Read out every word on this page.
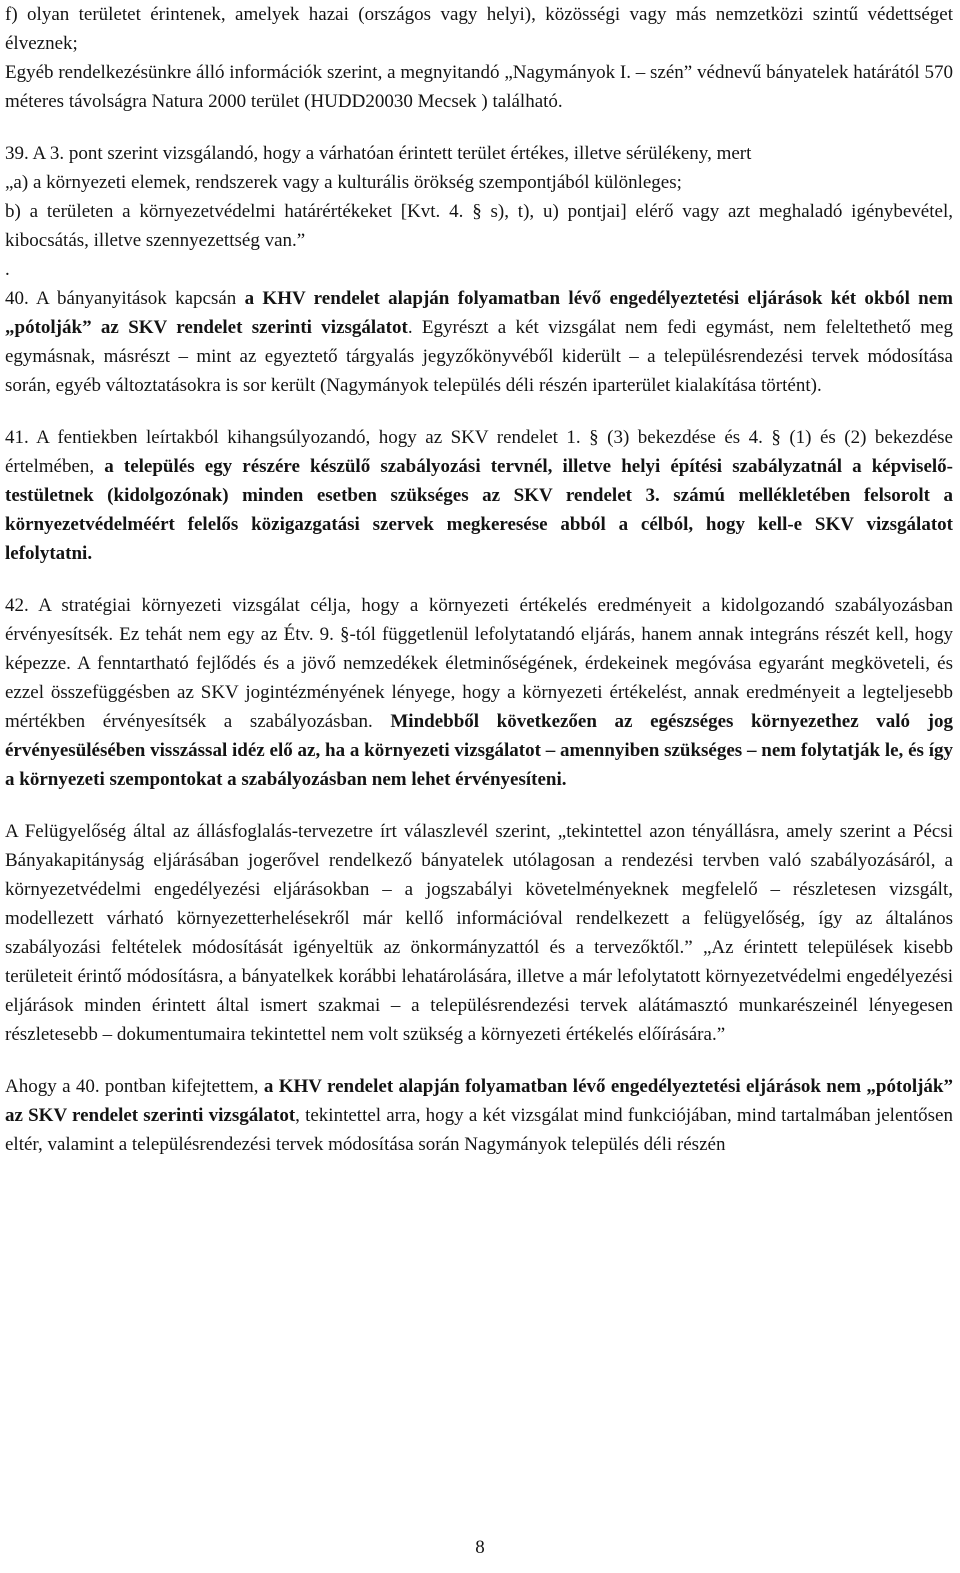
f) olyan területet érintenek, amelyek hazai (országos vagy helyi), közösségi vagy más nemzetközi szintű védettséget élveznek;
Egyéb rendelkezésünkre álló információk szerint, a megnyitandó „Nagymányok I. – szén” védnevű bányatelek határától 570 méteres távolságra Natura 2000 terület (HUDD20030 Mecsek ) található.

39. A 3. pont szerint vizsgálandó, hogy a várhatóan érintett terület értékes, illetve sérülékeny, mert
„a) a környezeti elemek, rendszerek vagy a kulturális örökség szempontjából különleges;
b) a területen a környezetvédelmi határértékeket [Kvt. 4. § s), t), u) pontjai] elérő vagy azt meghaladó igénybevétel, kibocsátás, illetve szennyezettség van.”
.

40. A bányanyitások kapcsán a KHV rendelet alapján folyamatban lévő engedélyeztetési eljárások két okból nem „pótolják” az SKV rendelet szerinti vizsgálatot. Egyrészt a két vizsgálat nem fedi egymást, nem feleltethető meg egymásnak, másrészt – mint az egyeztető tárgyalás jegyzőkönyvéből kiderült – a településrendezési tervek módosítása során, egyéb változtatásokra is sor került (Nagymányok település déli részén iparterület kialakítása történt).

41. A fentiekben leírtakból kihangsúlyozandó, hogy az SKV rendelet 1. § (3) bekezdése és 4. § (1) és (2) bekezdése értelmében, a település egy részére készülő szabályozási tervnél, illetve helyi építési szabályzatnál a képviselő-testületnek (kidolgozónak) minden esetben szükséges az SKV rendelet 3. számú mellékletében felsorolt a környezetvédelméért felelős közigazgatási szervek megkeresése abból a célból, hogy kell-e SKV vizsgálatot lefolytatni.

42. A stratégiai környezeti vizsgálat célja, hogy a környezeti értékelés eredményeit a kidolgozandó szabályozásban érvényesítsék. Ez tehát nem egy az Étv. 9. §-tól függetlenül lefolytatandó eljárás, hanem annak integráns részét kell, hogy képezze. A fenntartható fejlődés és a jövő nemzedékek életminőségének, érdekeinek megóvása egyaránt megköveteli, és ezzel összefüggésben az SKV jogintézményének lényege, hogy a környezeti értékelést, annak eredményeit a legteljesebb mértékben érvényesítsék a szabályozásban. Mindebből következően az egészséges környezethez való jog érvényesülésében visszással idéz elő az, ha a környezeti vizsgálatot – amennyiben szükséges – nem folytatják le, és így a környezeti szempontokat a szabályozásban nem lehet érvényesíteni.

A Felügyelőség által az állásfoglalás-tervezetre írt válaszlevél szerint, „tekintettel azon tényállásra, amely szerint a Pécsi Bányakapitányság eljárásában jogerővel rendelkező bányatelek utólagosan a rendezési tervben való szabályozásáról, a környezetvédelmi engedélyezési eljárásokban – a jogszabályi követelményeknek megfelelő – részletesen vizsgált, modellezett várható környezetterhelésekről már kellő információval rendelkezett a felügyelőség, így az általános szabályozási feltételek módosítását igényeltük az önkormányzattól és a tervezőktől.” „Az érintett települések kisebb területeit érintő módosításra, a bányatelkek korábbi lehatárolására, illetve a már lefolytatott környezetvédelmi engedélyezési eljárások minden érintett által ismert szakmai – a településrendezési tervek alátámasztó munkarészeinél lényegesen részletesebb – dokumentumaira tekintettel nem volt szükség a környezeti értékelés előírására.”

Ahogy a 40. pontban kifejtettem, a KHV rendelet alapján folyamatban lévő engedélyeztetési eljárások nem „pótolják” az SKV rendelet szerinti vizsgálatot, tekintettel arra, hogy a két vizsgálat mind funkciójában, mind tartalmában jelentősen eltér, valamint a településrendezési tervek módosítása során Nagymányok település déli részén

8
